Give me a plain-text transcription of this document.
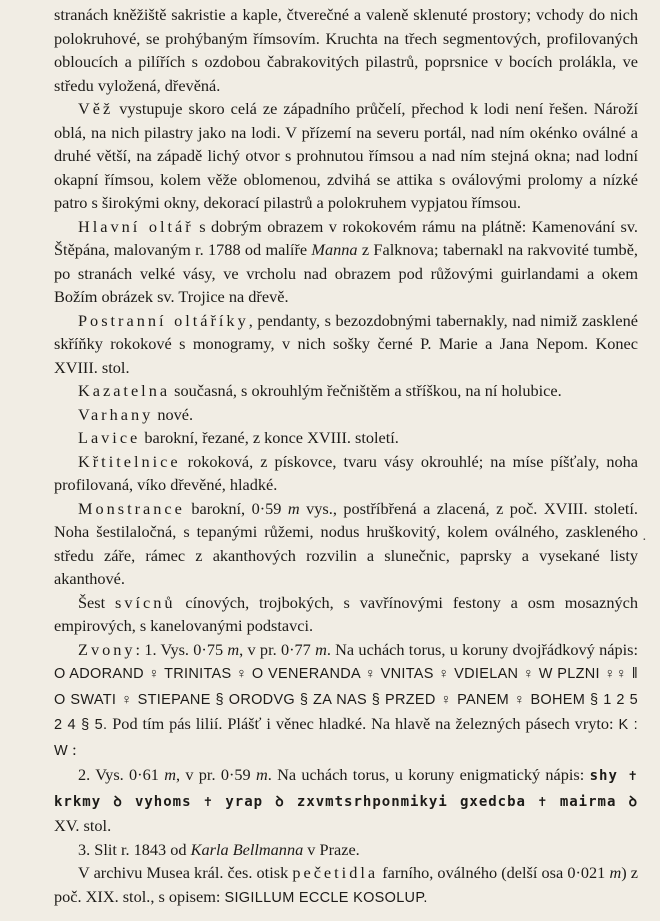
stranách kněžiště sakristie a kaple, čtverečné a valeně sklenuté prostory; vchody do nich polokruhové, se prohýbaným římsovím. Kruchta na třech segmentových, profilovaných obloucích a pilířích s ozdobou čabrakovitých pilastrů, poprsnice v bocích prolákla, ve středu vyložená, dřevěná.

Věž vystupuje skoro celá ze západního průčelí, přechod k lodi není řešen. Nároží oblá, na nich pilastry jako na lodi. V přízemí na severu portál, nad ním okénko oválné a druhé větší, na západě lichý otvor s prohnutou římsou a nad ním stejná okna; nad lodní okapní římsou, kolem věže oblomenou, zdvihá se attika s oválovými prolomy a nízké patro s širokými okny, dekorací pilastrů a polokruhem vypjatou římsou.

Hlavní oltář s dobrým obrazem v rokokovém rámu na plátně: Kamenování sv. Štěpána, malovaným r. 1788 od malíře Manna z Falknova; tabernakl na rakvovité tumbě, po stranách velké vásy, ve vrcholu nad obrazem pod růžovými guirlandami a okem Božím obrázek sv. Trojice na dřevě.

Postranní oltáříky, pendanty, s bezozdobnými tabernakly, nad nimiž zasklené skříňky rokokové s monogramy, v nich sošky černé P. Marie a Jana Nepom. Konec XVIII. stol.

Kazatelna současná, s okrouhlým řečništěm a stříškou, na ní holubice.

Varhany nové.

Lavice barokní, řezané, z konce XVIII. století.

Křtitelnice rokoková, z pískovce, tvaru vásy okrouhlé; na míse píšťaly, noha profilovaná, víko dřevěné, hladké.

Monstrance barokní, 0·59 m vys., postříbřená a zlacená, z poč. XVIII. století. Noha šestilaločná, s tepanými růžemi, nodus hruškovitý, kolem oválného, zaskleného středu záře, rámec z akanthových rozvilin a slunečnic, paprsky a vysekané listy akanthové.

Šest svícnů cínových, trojbokých, s vavřínovými festony a osm mosazných empirových, s kanelovanými podstavci.

Zvony: 1. Vys. 0·75 m, v pr. 0·77 m. Na uchách torus, u koruny dvojřádkový nápis: O ADORAND ♀ TRINITAS ♀ O VENERANDA ♀ VNITAS ♀ VDIELAN ♀ W PLZNI ♀♀ ‖ O SWATI ♀ STIEPANE § ORODVG § ZA NAS § PRZED ♀ PANEM ♀ BOHEM § 1 2 5 2 4 § 5. Pod tím pás lilií. Plášť i věnec hladké. Na hlavě na železných pásech vryto: K : W :

2. Vys. 0·61 m, v pr. 0·59 m. Na uchách torus, u koruny enigmatický nápis: shy ✝ krkmy ꝺ vyhoms ✝ yrap ꝺ zxvmtsrhponmikyi gxedcba ✝ mairma ꝺ XV. stol.

3. Slit r. 1843 od Karla Bellmanna v Praze.

V archivu Musea král. čes. otisk pečetidla farního, oválného (delší osa 0·021 m) z poč. XIX. stol., s opisem: SIGILLUM ECCLE KOSOLUP.

·
